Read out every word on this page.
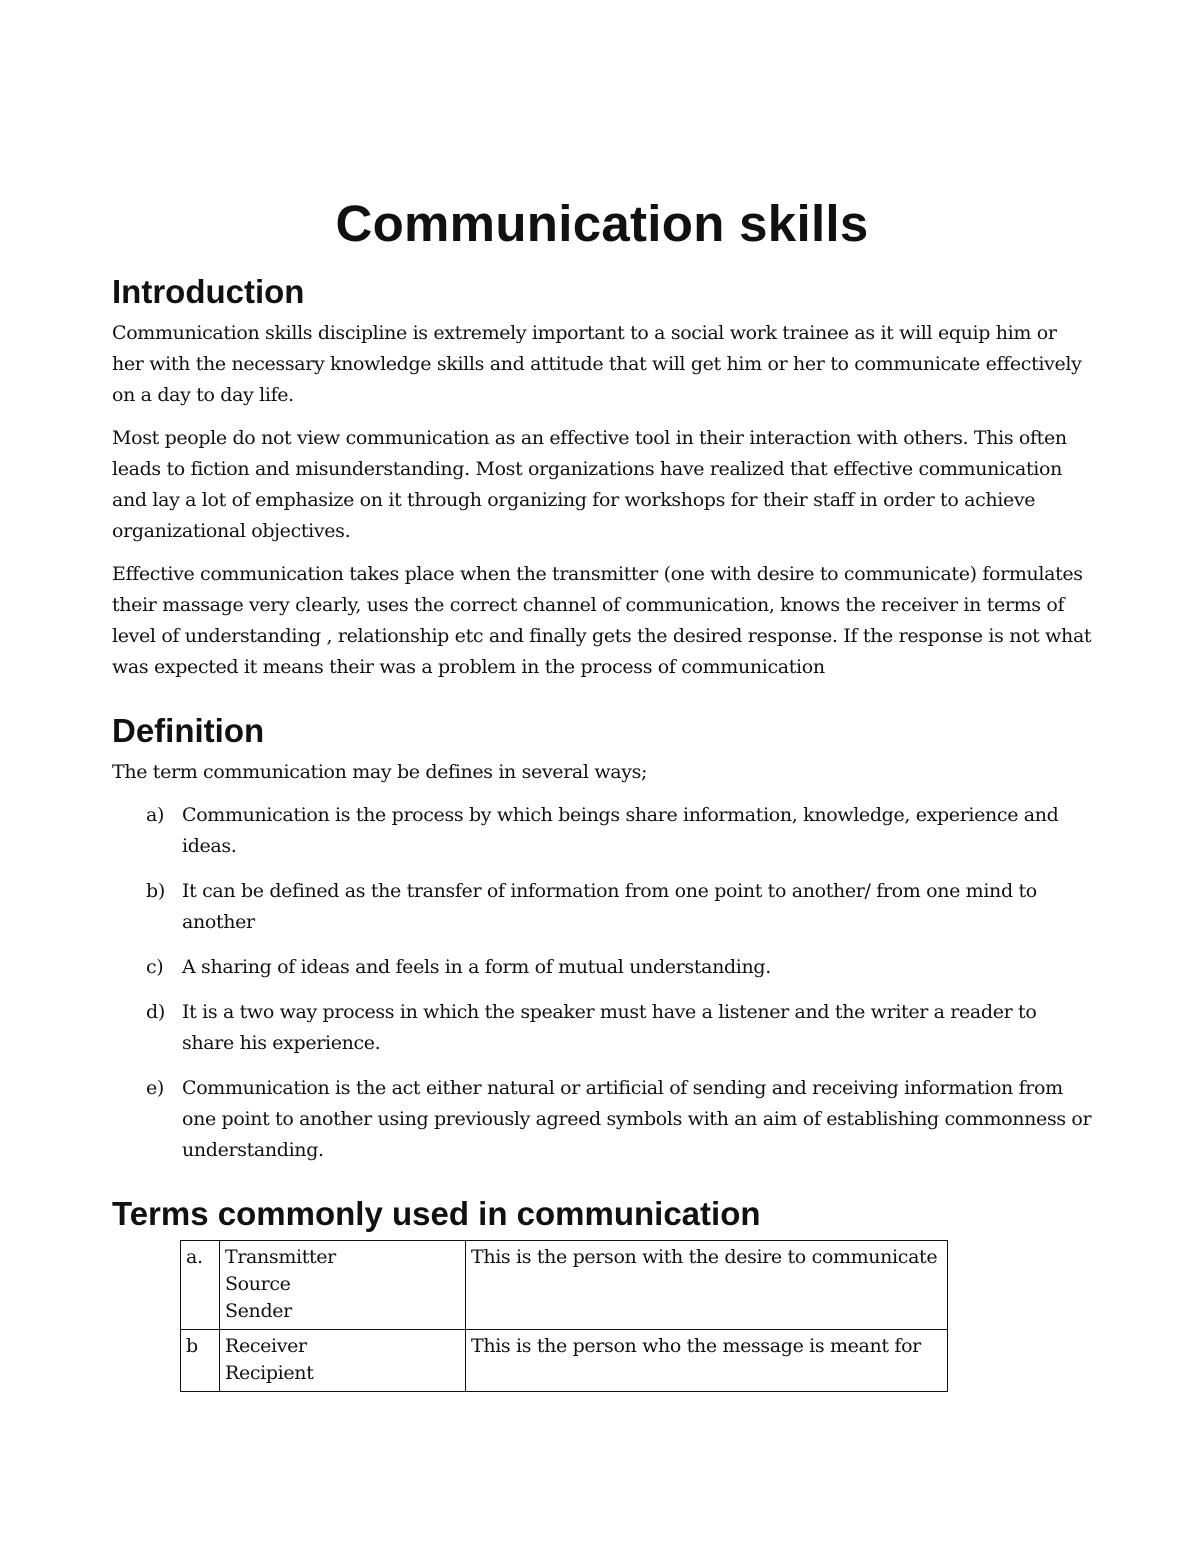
Communication skills
Introduction

Communication skills discipline is extremely important to a social work trainee as it will equip him or her with the necessary knowledge skills and attitude that will get him or her to communicate effectively on a day to day life.

Most people do not view communication as an effective tool in their interaction with others. This often leads to fiction and misunderstanding. Most organizations have realized that effective communication and lay a lot of emphasize on it through organizing for workshops for their staff in order to achieve organizational objectives.

Effective communication takes place when the transmitter (one with desire to communicate) formulates their massage very clearly, uses the correct channel of communication, knows the receiver in terms of level of understanding , relationship etc and finally gets the desired response. If the response is not what was expected it means their was a problem in the process of communication

Definition

The term communication may be defines in several ways;

a) Communication is the process by which beings share information, knowledge, experience and ideas.
b) It can be defined as the transfer of information from one point to another/ from one mind to another
c) A sharing of ideas and feels in a form of mutual understanding.
d) It is a two way process in which the speaker must have a listener and the writer a reader to share his experience.
e) Communication is the act either natural or artificial of sending and receiving information from one point to another using previously agreed symbols with an aim of establishing commonness or understanding.
Terms commonly used in communication
a.	Transmitter
Source
Sender	This is the person with the desire to communicate
b	Receiver
Recipient	This is the person who the message is meant for
